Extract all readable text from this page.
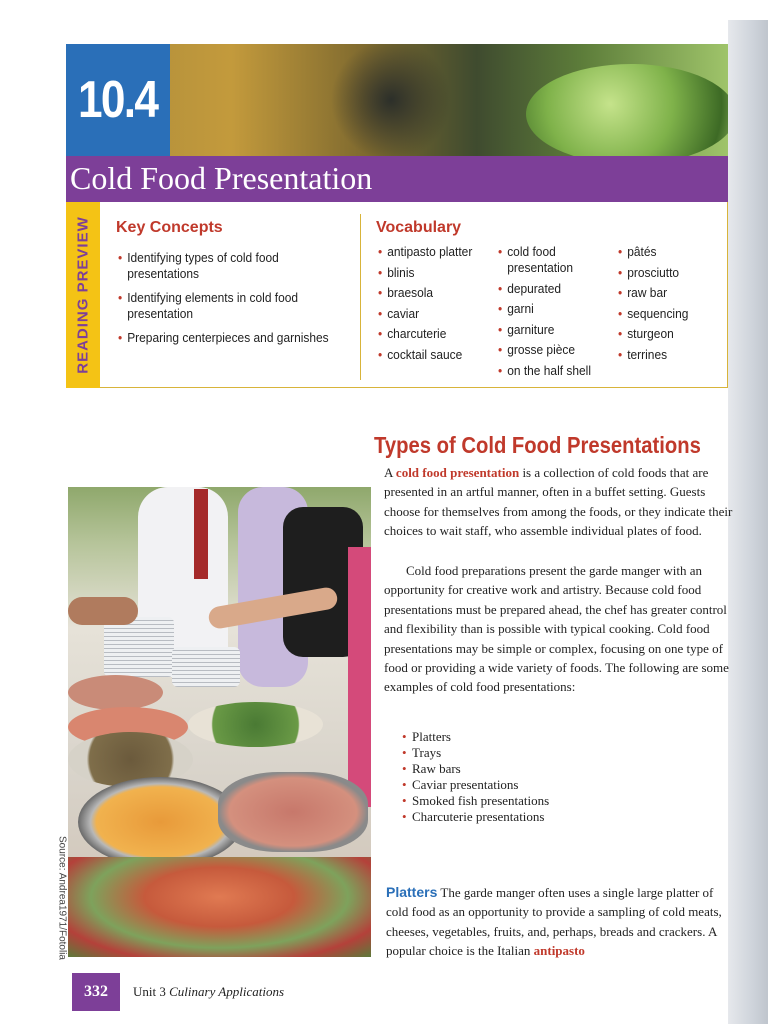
10.4
Cold Food Presentation
READING PREVIEW Key Concepts
• Identifying types of cold food presentations
• Identifying elements in cold food presentation
• Preparing centerpieces and garnishes
Vocabulary
• antipasto platter
• blinis
• braesola
• caviar
• charcuterie
• cocktail sauce
• cold food presentation
• depurated
• garni
• garniture
• grosse pièce
• on the half shell
• pâtés
• prosciutto
• raw bar
• sequencing
• sturgeon
• terrines
Types of Cold Food Presentations

A cold food presentation is a collection of cold foods that are presented in an artful manner, often in a buffet setting. Guests choose for themselves from among the foods, or they indicate their choices to wait staff, who assemble individual plates of food.

Cold food preparations present the garde manger with an opportunity for creative work and artistry. Because cold food presentations must be prepared ahead, the chef has greater control and flexibility than is possible with typical cooking. Cold food presentations may be simple or complex, focusing on one type of food or providing a wide variety of foods. The following are some examples of cold food presentations:

• Platters
• Trays
• Raw bars
• Caviar presentations
• Smoked fish presentations
• Charcuterie presentations

Platters The garde manger often uses a single large platter of cold food as an opportunity to provide a sampling of cold meats, cheeses, vegetables, fruits, and, perhaps, breads and crackers. A popular choice is the Italian antipasto

Source: Andrea1971/Fotolia
332 Unit 3 Culinary Applications
